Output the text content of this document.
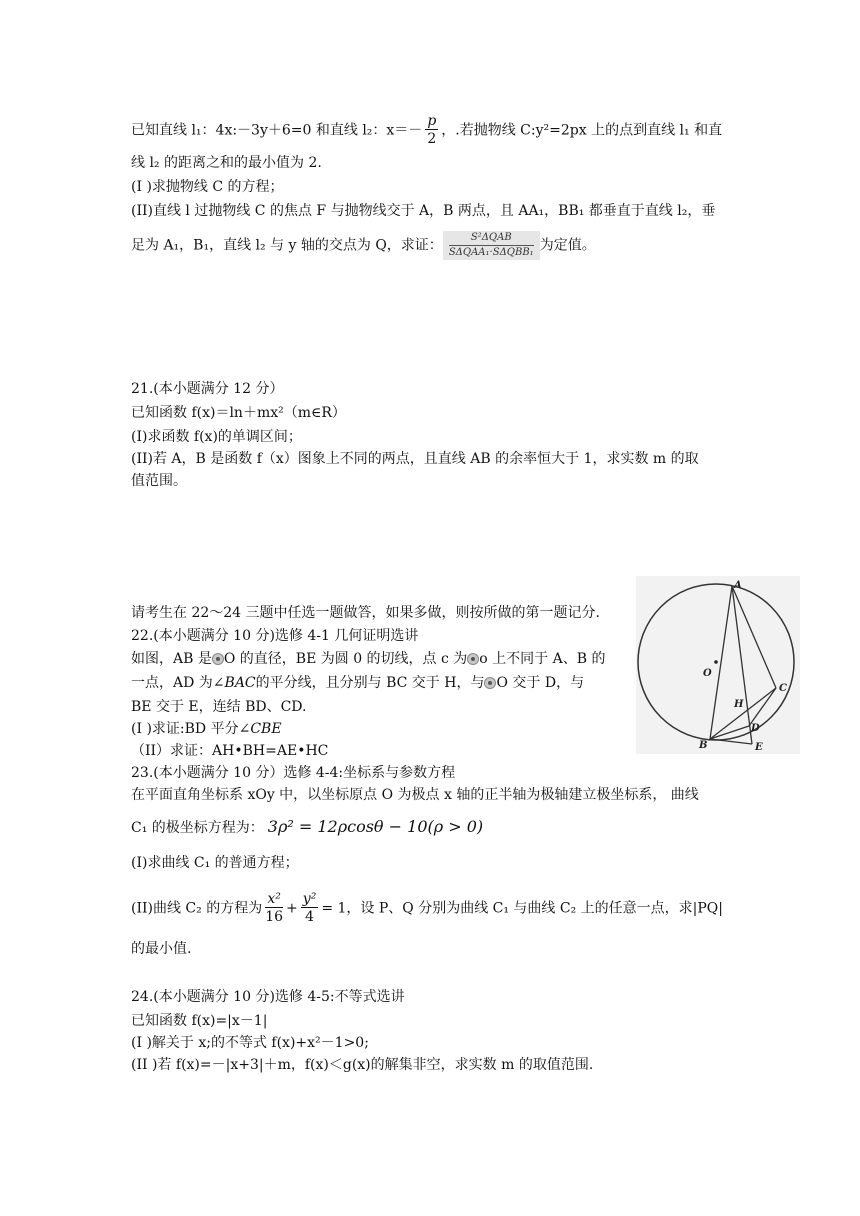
已知直线 l₁：4x:－3y＋6=0 和直线 l₂：$x=- \frac{p}{2}$ ，.若抛物线 C:y²=2px 上的点到直线 l₁ 和直
线 l₂ 的距离之和的最小值为 2.
(I )求抛物线 C 的方程；
(II)直线 l 过抛物线 C 的焦点 F 与抛物线交于 A，B 两点，且 AA₁，BB₁ 都垂直于直线 l₂，垂
足为 A₁，B₁，直线 l₂ 与 y 轴的交点为 Q，求证：	S²ΔQAB
SΔQAA₁·SΔQBB₁ 为定值。
21.(本小题满分 12 分）
已知函数 f(x)＝ln＋mx²（m∈R）
(I)求函数 f(x)的单调区间；
(II)若 A，B 是函数 f（x）图象上不同的两点，且直线 AB 的余率恒大于 1，求实数 m 的取
值范围。
请考生在 22～24 三题中任选一题做答，如果多做，则按所做的第一题记分.
22.(本小题满分 10 分)选修 4-1 几何证明选讲
如图，AB 是 O 的直径，BE 为圆 0 的切线，点 c 为 o 上不同于 A、B 的
一点，AD 为∠BAC的平分线，且分别与 BC 交于 H，与 O 交于 D，与
BE 交于 E，连结 BD、CD.
(I )求证:BD 平分∠CBE
（II）求证：AH•BH=AE•HC
A
O
C
H
D
B	E
23.(本小题满分 10 分）选修 4-4:坐标系与参数方程
在平面直角坐标系 xOy 中，以坐标原点 O 为极点 x 轴的正半轴为极轴建立极坐标系， 曲线
C₁ 的极坐标方程为： 3ρ² = 12ρcosθ − 10(ρ > 0)
(I)求曲线 C₁ 的普通方程；
(II)曲线 C₂ 的方程为 $\frac{\text{x²}}{16} + \frac{\text{y²}}{4} = 1$，设 P、Q 分别为曲线 C₁ 与曲线 C₂ 上的任意一点，求|PQ|
的最小值.
24.(本小题满分 10 分)选修 4-5:不等式选讲
已知函数 f(x)=|x－1|
(I )解关于 x;的不等式 f(x)+x²－1>0;
(II )若 f(x)=－|x+3|＋m，f(x)＜g(x)的解集非空，求实数 m 的取值范围.
